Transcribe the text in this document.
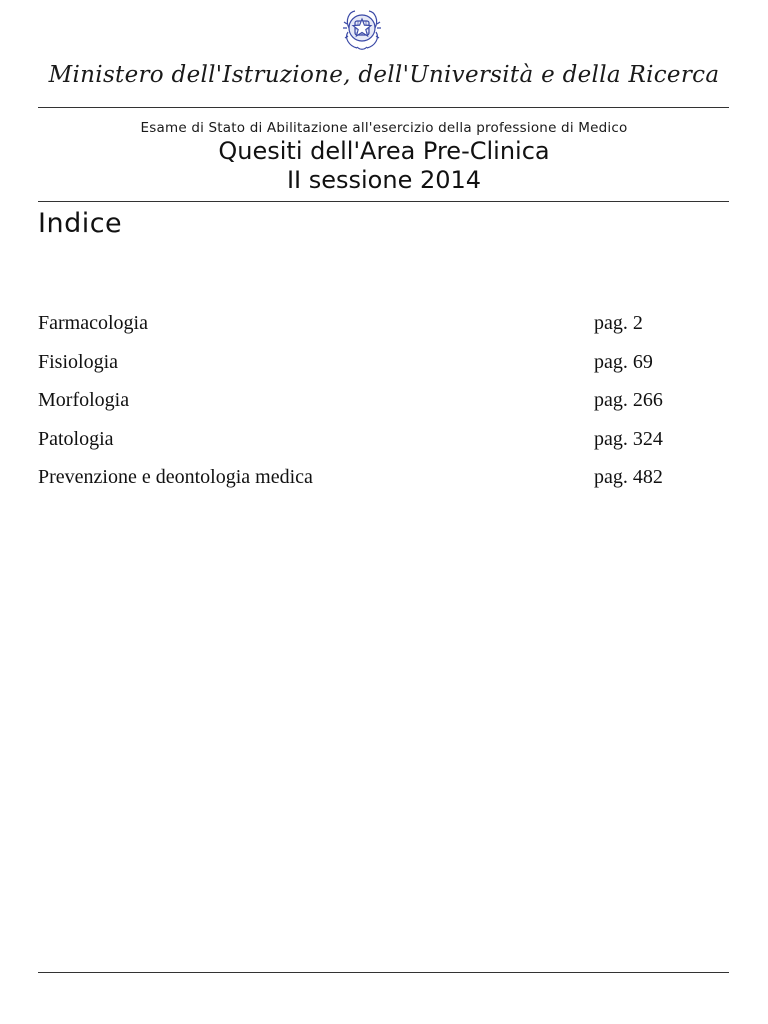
Ministero dell'Istruzione, dell'Università e della Ricerca
Esame di Stato di Abilitazione all'esercizio della professione di Medico
Quesiti dell'Area Pre-Clinica
II sessione 2014
Indice
Farmacologia	pag. 2
Fisiologia	pag. 69
Morfologia	pag. 266
Patologia	pag. 324
Prevenzione e deontologia medica	pag. 482
